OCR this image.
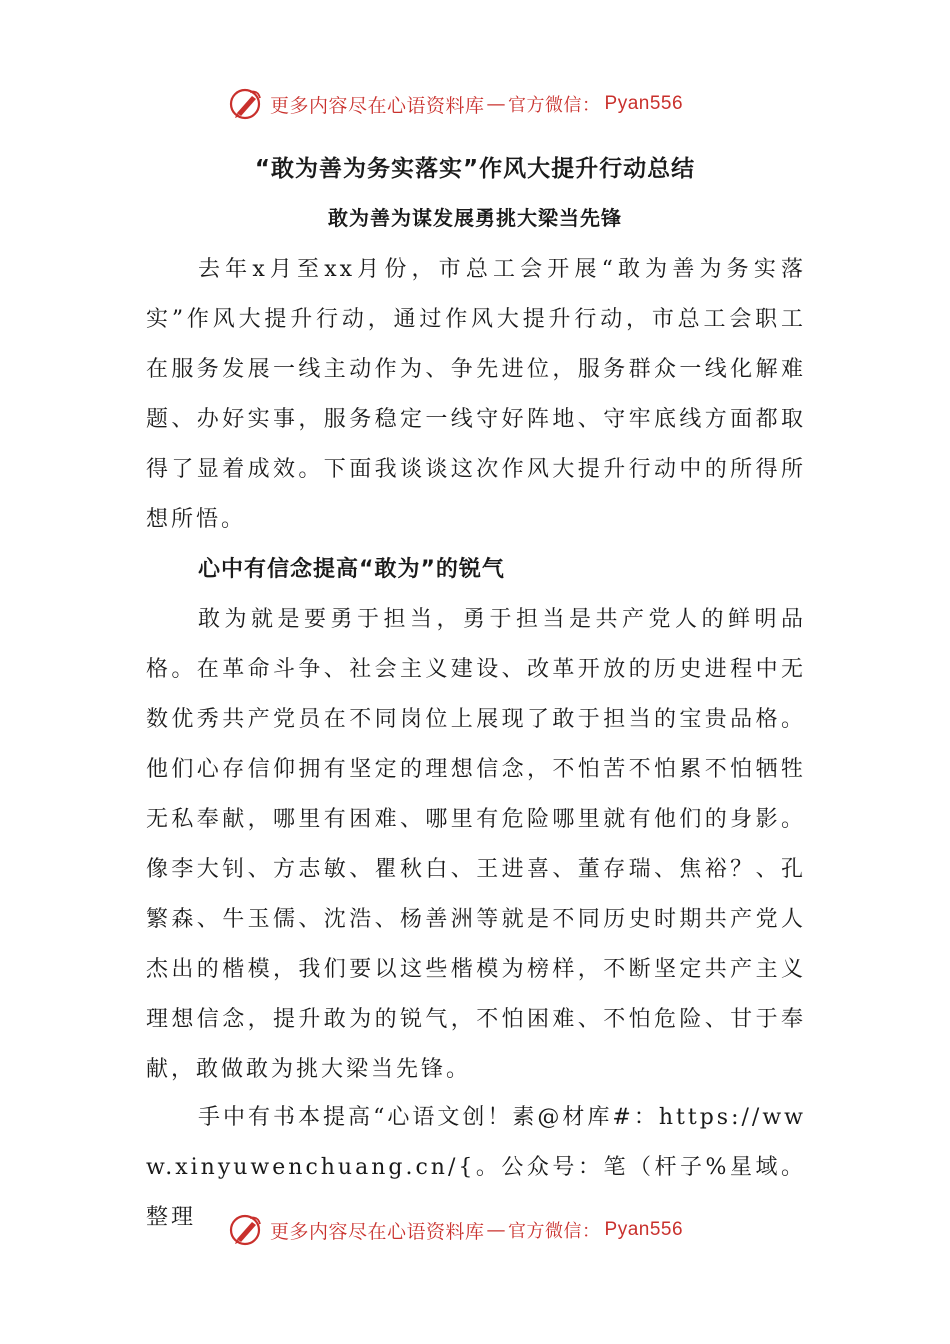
更多内容尽在心语资料库 — 官方微信： Pyan556
“敢为善为务实落实”作风大提升行动总结
敢为善为谋发展勇挑大梁当先锋
去年x月至xx月份，市总工会开展“敢为善为务实落实”作风大提升行动，通过作风大提升行动，市总工会职工在服务发展一线主动作为、争先进位，服务群众一线化解难题、办好实事，服务稳定一线守好阵地、守牢底线方面都取得了显着成效。下面我谈谈这次作风大提升行动中的所得所想所悟。
心中有信念提高“敢为”的锐气
敢为就是要勇于担当，勇于担当是共产党人的鲜明品格。在革命斗争、社会主义建设、改革开放的历史进程中无数优秀共产党员在不同岗位上展现了敢于担当的宝贵品格。他们心存信仰拥有坚定的理想信念，不怕苦不怕累不怕牺牲无私奉献，哪里有困难、哪里有危险哪里就有他们的身影。像李大钊、方志敏、瞿秋白、王进喜、董存瑞、焦裕？、孔繁森、牛玉儒、沈浩、杨善洲等就是不同历史时期共产党人杰出的楷模，我们要以这些楷模为榜样，不断坚定共产主义理想信念，提升敢为的锐气，不怕困难、不怕危险、甘于奉献，敢做敢为挑大梁当先锋。
手中有书本提高“心语文创！素@材库#：https://www.xinyuwenchuang.cn/{。公众号：笔（杆子%星域。整理
更多内容尽在心语资料库 — 官方微信： Pyan556
